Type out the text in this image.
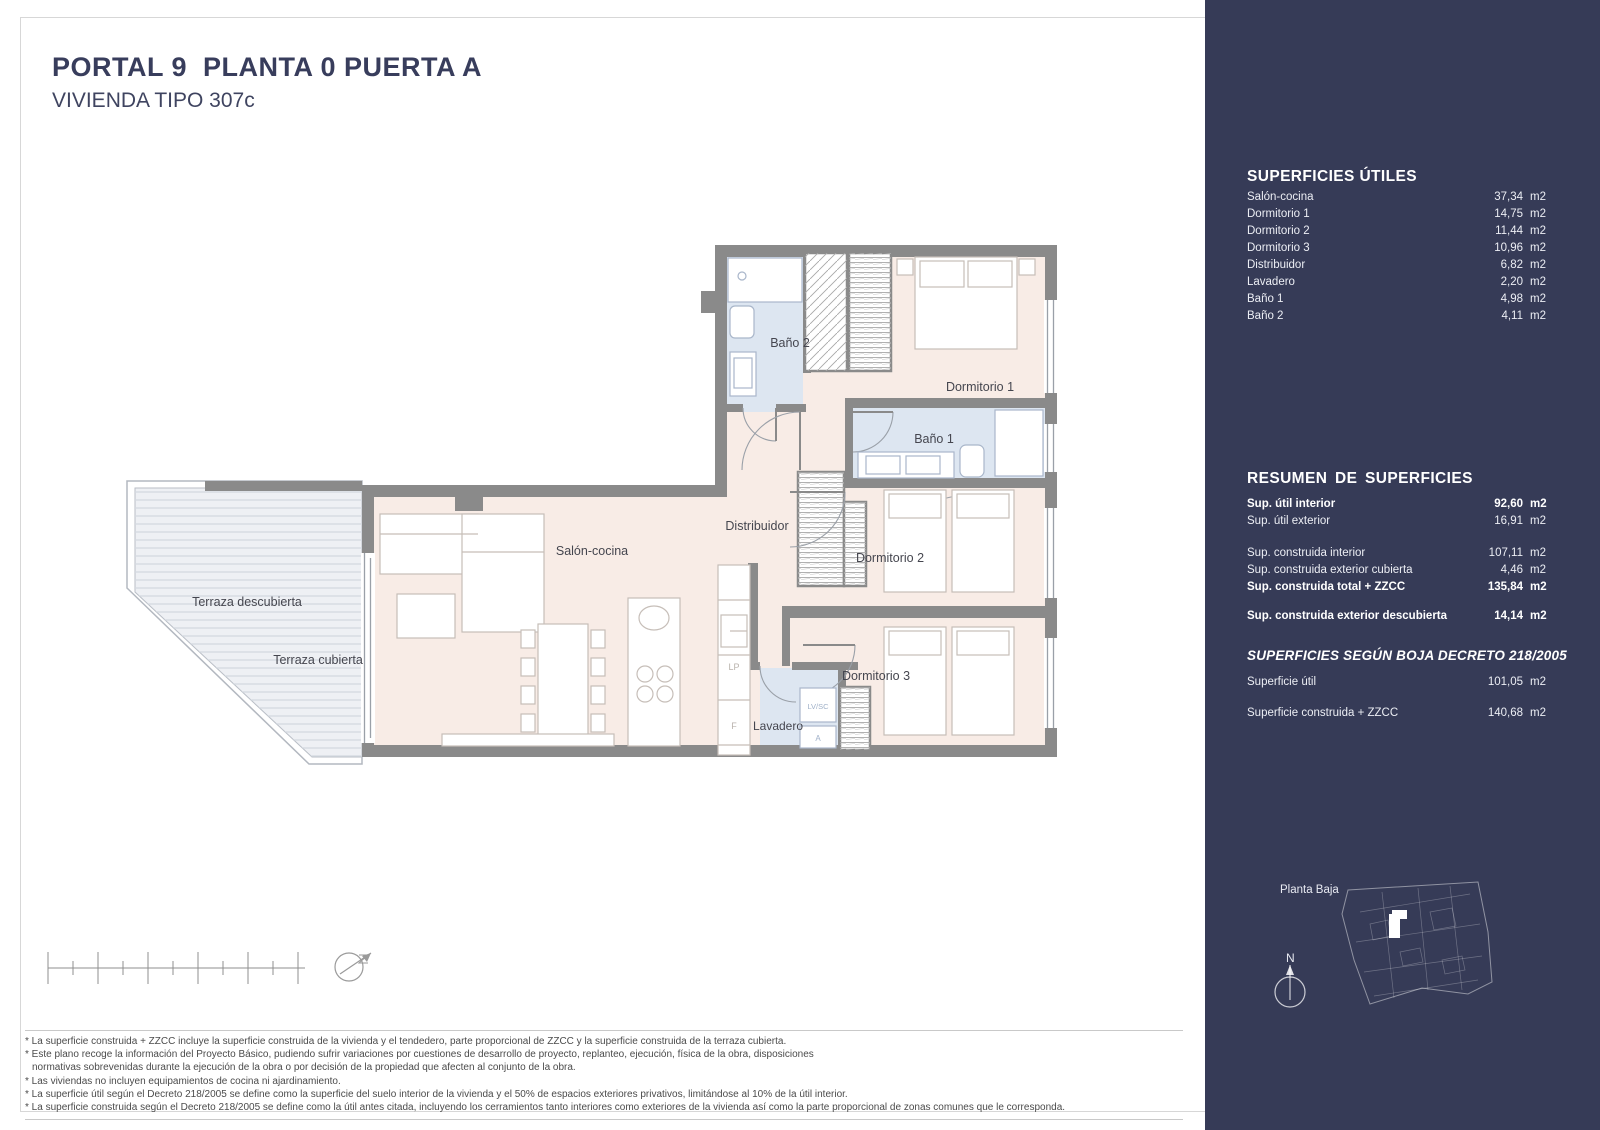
PORTAL 9  PLANTA 0 PUERTA A
VIVIENDA TIPO 307c
Terraza descubierta
Terraza cubierta
Salón-cocina
Distribuidor
Dormitorio 1
Dormitorio 2
Dormitorio 3
Baño 1
Baño 2
Lavadero
LP
F
LV/SC
A
SUPERFICIES ÚTILES
Salón-cocina	37,34 m2
Dormitorio 1	14,75 m2
Dormitorio 2	11,44 m2
Dormitorio 3	10,96 m2
Distribuidor	6,82 m2
Lavadero	2,20 m2
Baño 1	4,98 m2
Baño 2	4,11 m2
RESUMEN DE SUPERFICIES
Sup. útil interior	92,60 m2
Sup. útil exterior	16,91 m2
Sup. construida interior	107,11 m2
Sup. construida exterior cubierta	4,46 m2
Sup. construida total + ZZCC	135,84 m2
Sup. construida exterior descubierta	14,14 m2
SUPERFICIES SEGÚN BOJA DECRETO 218/2005
Superficie útil	101,05 m2
Superficie construida + ZZCC	140,68 m2
Planta Baja
N
* La superficie construida + ZZCC incluye la superficie construida de la vivienda y el tendedero, parte proporcional de ZZCC y la superficie construida de la terraza cubierta.
* Este plano recoge la información del Proyecto Básico, pudiendo sufrir variaciones por cuestiones de desarrollo de proyecto, replanteo, ejecución, física de la obra, disposiciones
normativas sobrevenidas durante la ejecución de la obra o por decisión de la propiedad que afecten al conjunto de la obra.
* Las viviendas no incluyen equipamientos de cocina ni ajardinamiento.
* La superficie útil según el Decreto 218/2005 se define como la superficie del suelo interior de la vivienda y el 50% de espacios exteriores privativos, limitándose al 10% de la útil interior.
* La superficie construida según el Decreto 218/2005 se define como la útil antes citada, incluyendo los cerramientos tanto interiores como exteriores de la vivienda así como la parte proporcional de zonas comunes que le corresponda.
